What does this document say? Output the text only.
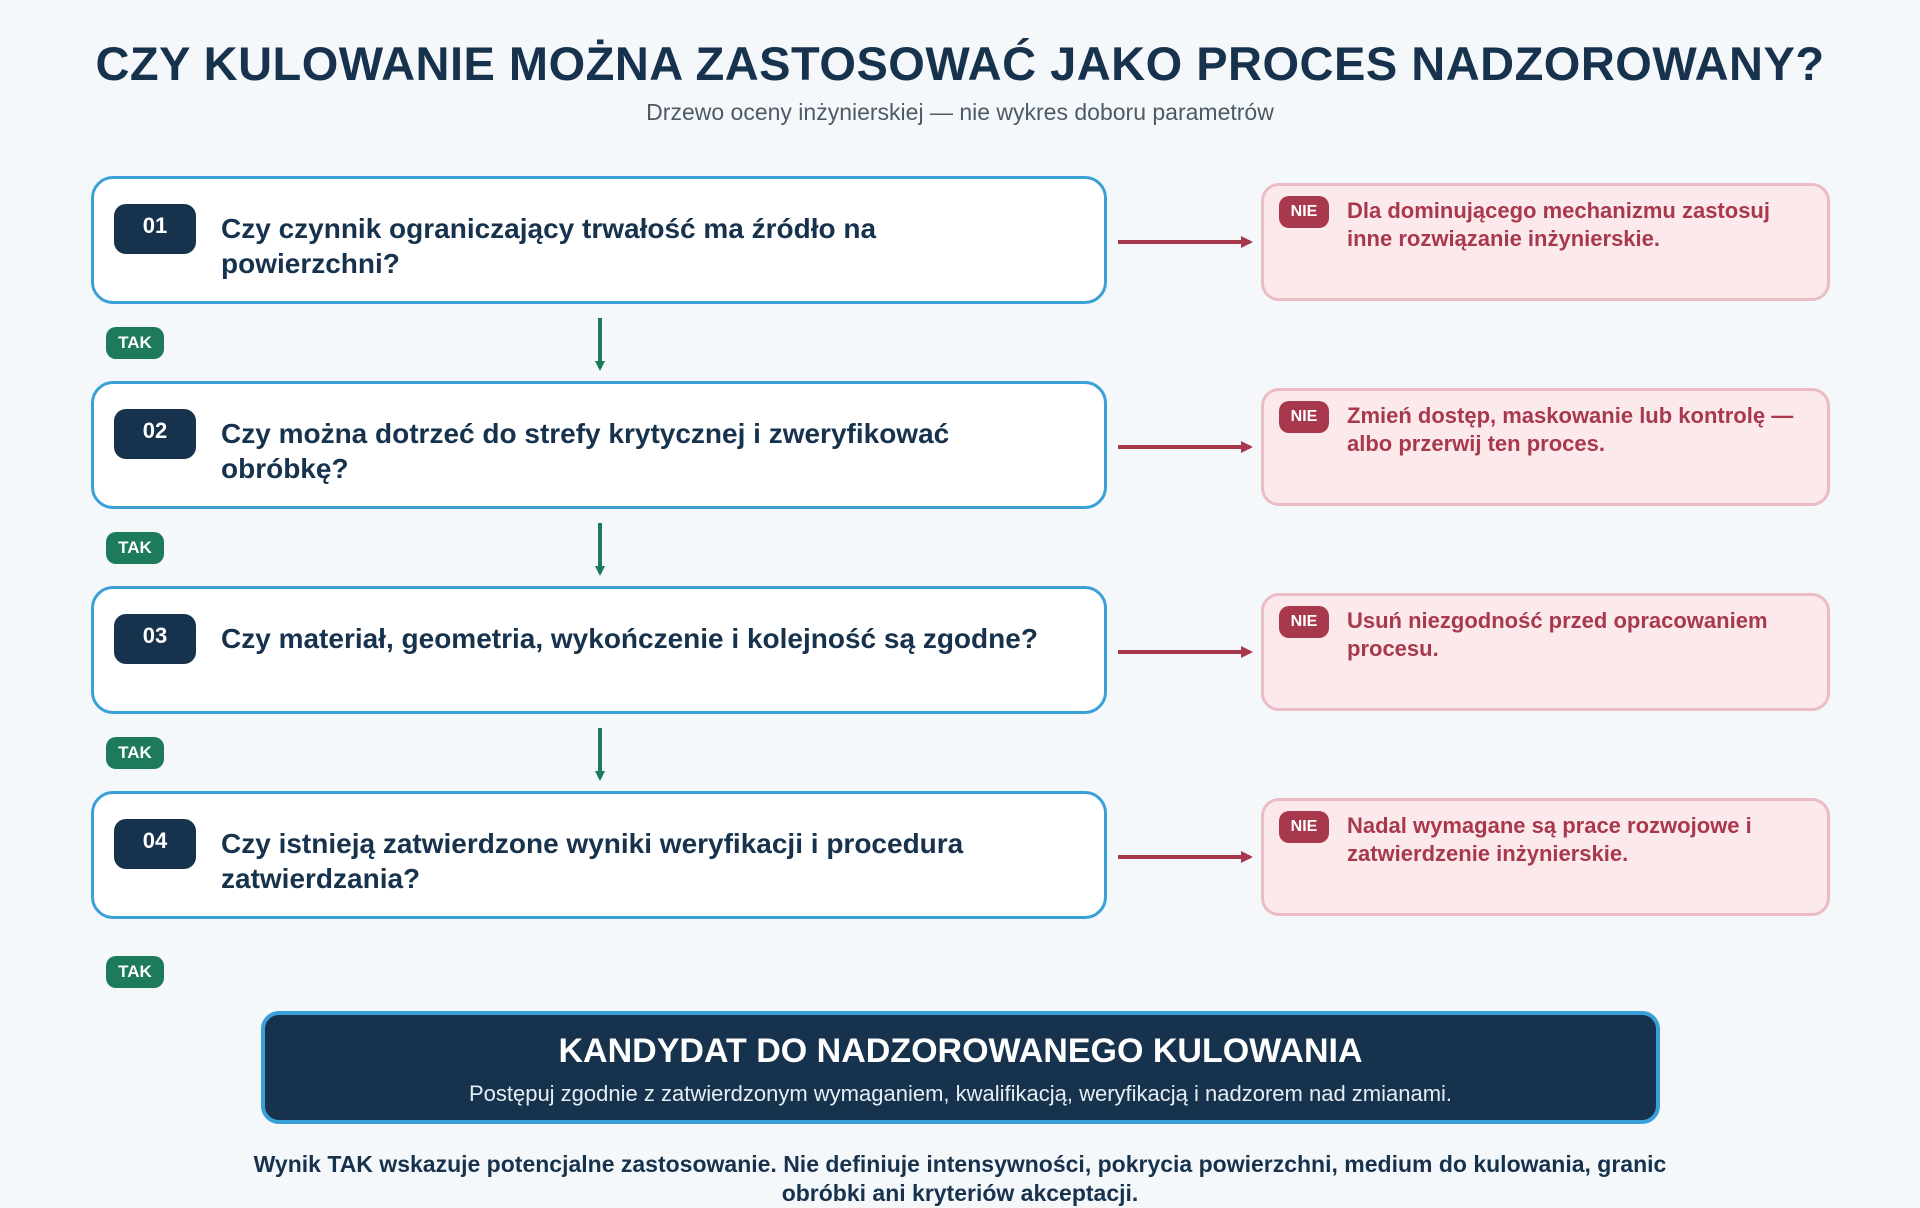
CZY KULOWANIE MOŻNA ZASTOSOWAĆ JAKO PROCES NADZOROWANY?
Drzewo oceny inżynierskiej — nie wykres doboru parametrów
01	Czy czynnik ograniczający trwałość ma źródło na powierzchni?
TAK
NIE	Dla dominującego mechanizmu zastosuj inne rozwiązanie inżynierskie.
02	Czy można dotrzeć do strefy krytycznej i zweryfikować obróbkę?
TAK
NIE	Zmień dostęp, maskowanie lub kontrolę — albo przerwij ten proces.
03	Czy materiał, geometria, wykończenie i kolejność są zgodne?
TAK
NIE	Usuń niezgodność przed opracowaniem procesu.
04	Czy istnieją zatwierdzone wyniki weryfikacji i procedura zatwierdzania?
TAK
NIE	Nadal wymagane są prace rozwojowe i zatwierdzenie inżynierskie.
KANDYDAT DO NADZOROWANEGO KULOWANIA
Postępuj zgodnie z zatwierdzonym wymaganiem, kwalifikacją, weryfikacją i nadzorem nad zmianami.
Wynik TAK wskazuje potencjalne zastosowanie. Nie definiuje intensywności, pokrycia powierzchni, medium do kulowania, granic obróbki ani kryteriów akceptacji.
